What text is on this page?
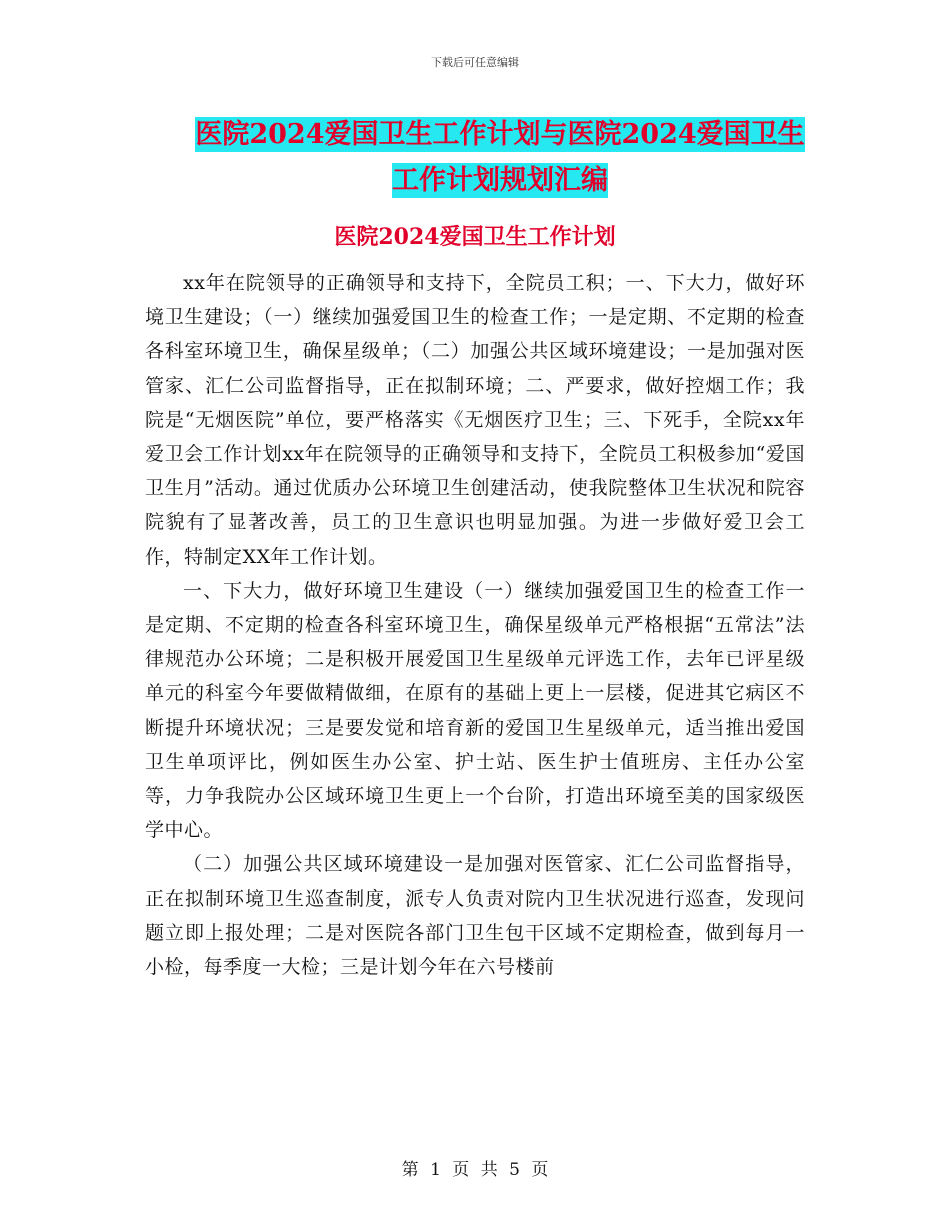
下载后可任意编辑
医院2024爱国卫生工作计划与医院2024爱国卫生工作计划规划汇编
医院2024爱国卫生工作计划

xx年在院领导的正确领导和支持下，全院员工积；一、下大力，做好环境卫生建设；（一）继续加强爱国卫生的检查工作；一是定期、不定期的检查各科室环境卫生，确保星级单；（二）加强公共区域环境建设；一是加强对医管家、汇仁公司监督指导，正在拟制环境；二、严要求，做好控烟工作；我院是“无烟医院”单位，要严格落实《无烟医疗卫生；三、下死手，全院xx年爱卫会工作计划xx年在院领导的正确领导和支持下，全院员工积极参加“爱国卫生月”活动。通过优质办公环境卫生创建活动，使我院整体卫生状况和院容院貌有了显著改善，员工的卫生意识也明显加强。为进一步做好爱卫会工作，特制定XX年工作计划。

一、下大力，做好环境卫生建设（一）继续加强爱国卫生的检查工作一是定期、不定期的检查各科室环境卫生，确保星级单元严格根据“五常法”法律规范办公环境；二是积极开展爱国卫生星级单元评选工作，去年已评星级单元的科室今年要做精做细，在原有的基础上更上一层楼，促进其它病区不断提升环境状况；三是要发觉和培育新的爱国卫生星级单元，适当推出爱国卫生单项评比，例如医生办公室、护士站、医生护士值班房、主任办公室等，力争我院办公区域环境卫生更上一个台阶，打造出环境至美的国家级医学中心。

（二）加强公共区域环境建设一是加强对医管家、汇仁公司监督指导，正在拟制环境卫生巡查制度，派专人负责对院内卫生状况进行巡查，发现问题立即上报处理；二是对医院各部门卫生包干区域不定期检查，做到每月一小检，每季度一大检；三是计划今年在六号楼前

第 1 页 共 5 页
